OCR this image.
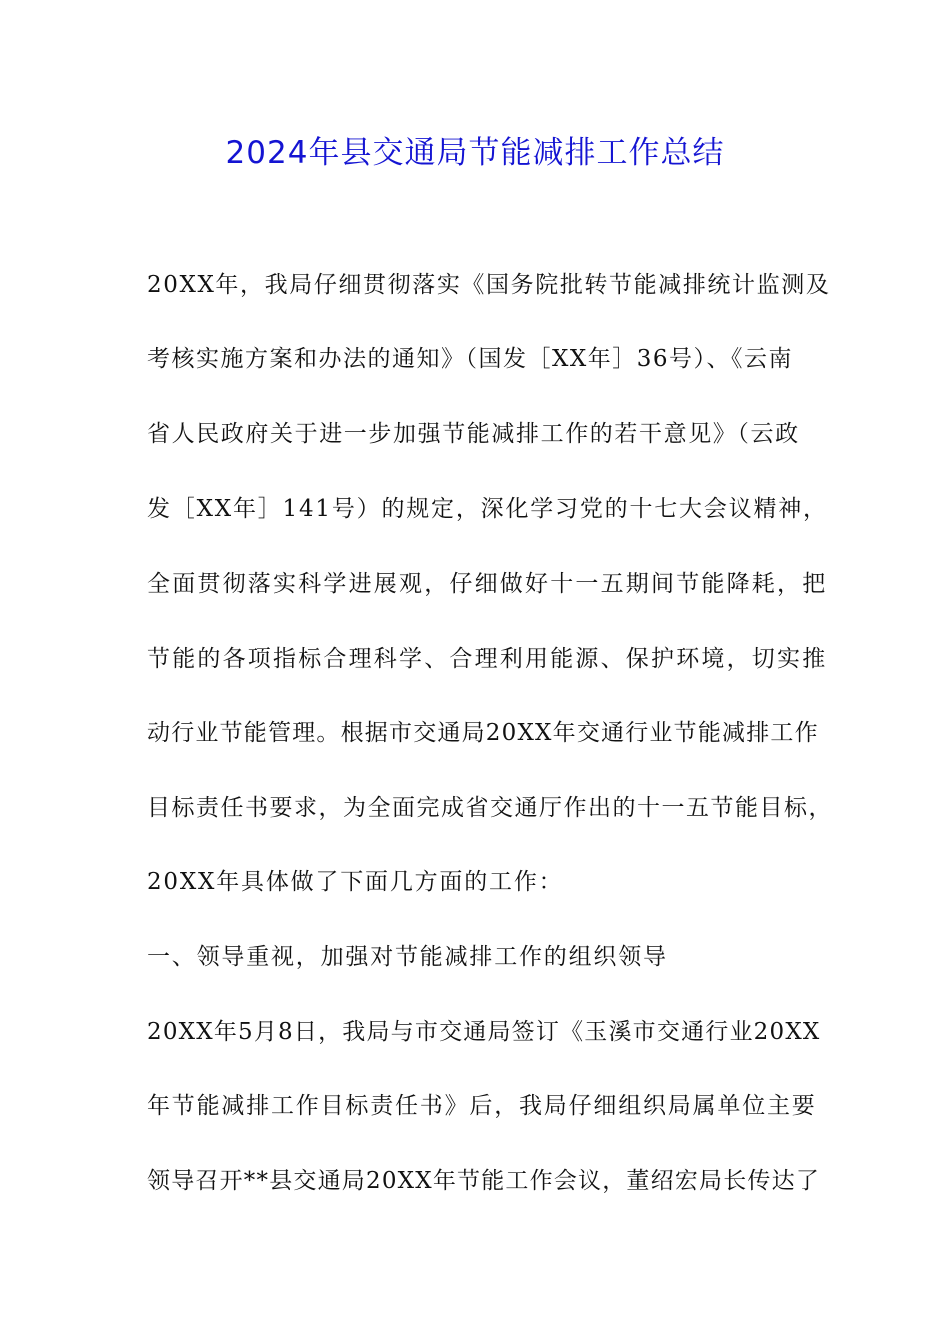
2024年县交通局节能减排工作总结

20XX年，我局仔细贯彻落实《国务院批转节能减排统计监测及

考核实施方案和办法的通知》（国发［XX年］36号）、《云南

省人民政府关于进一步加强节能减排工作的若干意见》（云政

发［XX年］141号）的规定，深化学习党的十七大会议精神，

全面贯彻落实科学进展观，仔细做好十一五期间节能降耗，把

节能的各项指标合理科学、合理利用能源、保护环境，切实推

动行业节能管理。根据市交通局20XX年交通行业节能减排工作

目标责任书要求，为全面完成省交通厅作出的十一五节能目标，

20XX年具体做了下面几方面的工作：

一、领导重视，加强对节能减排工作的组织领导

20XX年5月8日，我局与市交通局签订《玉溪市交通行业20XX

年节能减排工作目标责任书》后，我局仔细组织局属单位主要

领导召开**县交通局20XX年节能工作会议，董绍宏局长传达了
